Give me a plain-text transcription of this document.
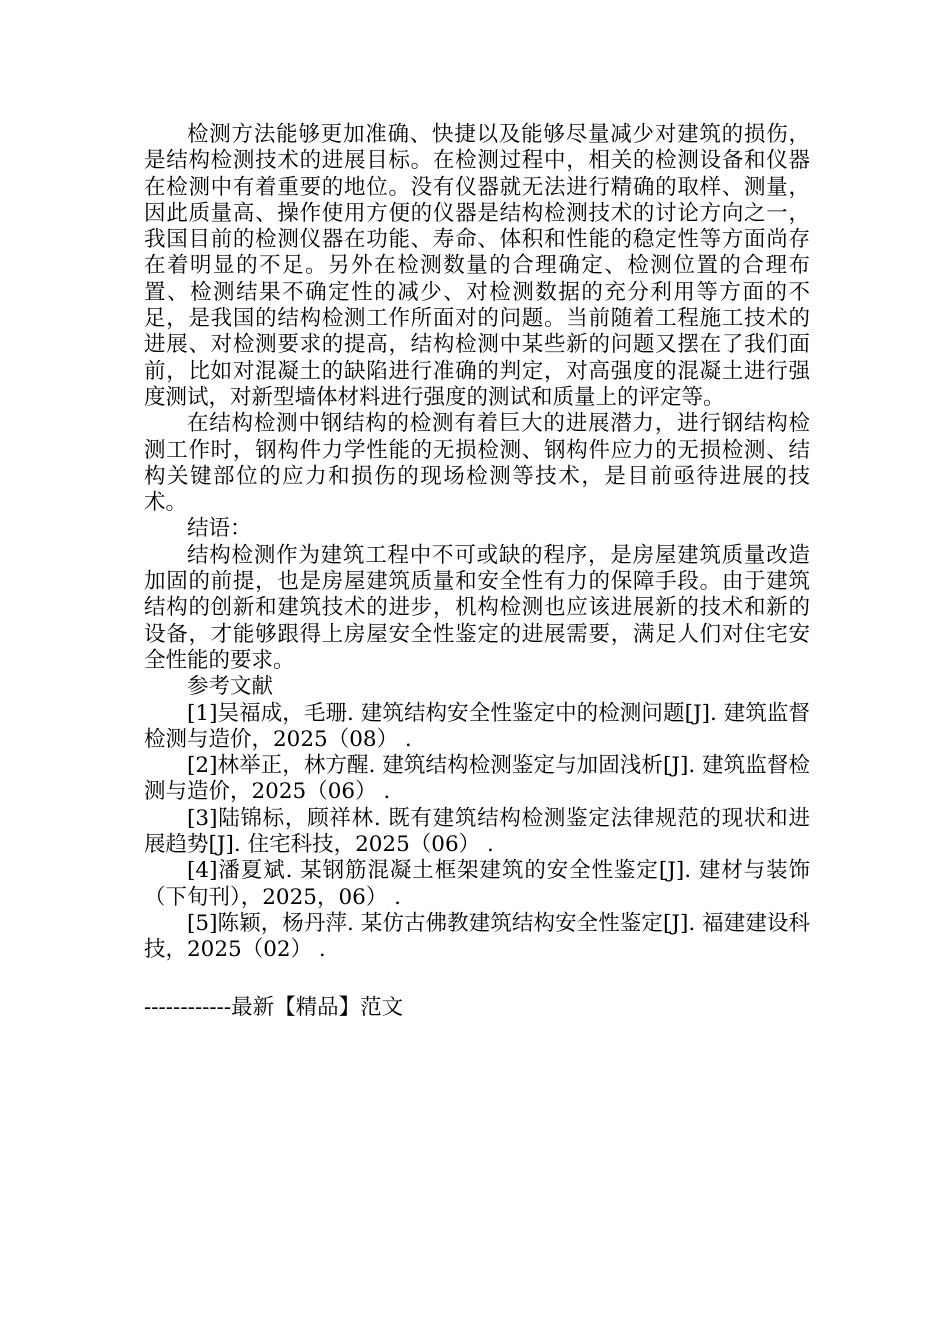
检测方法能够更加准确、快捷以及能够尽量减少对建筑的损伤，是结构检测技术的进展目标。在检测过程中，相关的检测设备和仪器在检测中有着重要的地位。没有仪器就无法进行精确的取样、测量，因此质量高、操作使用方便的仪器是结构检测技术的讨论方向之一，我国目前的检测仪器在功能、寿命、体积和性能的稳定性等方面尚存在着明显的不足。另外在检测数量的合理确定、检测位置的合理布置、检测结果不确定性的减少、对检测数据的充分利用等方面的不足，是我国的结构检测工作所面对的问题。当前随着工程施工技术的进展、对检测要求的提高，结构检测中某些新的问题又摆在了我们面前，比如对混凝土的缺陷进行准确的判定，对高强度的混凝土进行强度测试，对新型墙体材料进行强度的测试和质量上的评定等。

在结构检测中钢结构的检测有着巨大的进展潜力，进行钢结构检测工作时，钢构件力学性能的无损检测、钢构件应力的无损检测、结构关键部位的应力和损伤的现场检测等技术，是目前亟待进展的技术。

结语：

结构检测作为建筑工程中不可或缺的程序，是房屋建筑质量改造加固的前提，也是房屋建筑质量和安全性有力的保障手段。由于建筑结构的创新和建筑技术的进步，机构检测也应该进展新的技术和新的设备，才能够跟得上房屋安全性鉴定的进展需要，满足人们对住宅安全性能的要求。

参考文献

[1]吴福成，毛珊. 建筑结构安全性鉴定中的检测问题[J]. 建筑监督检测与造价，2025（08） .

[2]林举正，林方醒. 建筑结构检测鉴定与加固浅析[J]. 建筑监督检测与造价，2025（06） .

[3]陆锦标，顾祥林. 既有建筑结构检测鉴定法律规范的现状和进展趋势[J]. 住宅科技，2025（06） .

[4]潘夏斌. 某钢筋混凝土框架建筑的安全性鉴定[J]. 建材与装饰（下旬刊），2025，06） .

[5]陈颖，杨丹萍. 某仿古佛教建筑结构安全性鉴定[J]. 福建建设科技，2025（02） .

------------最新【精品】范文
